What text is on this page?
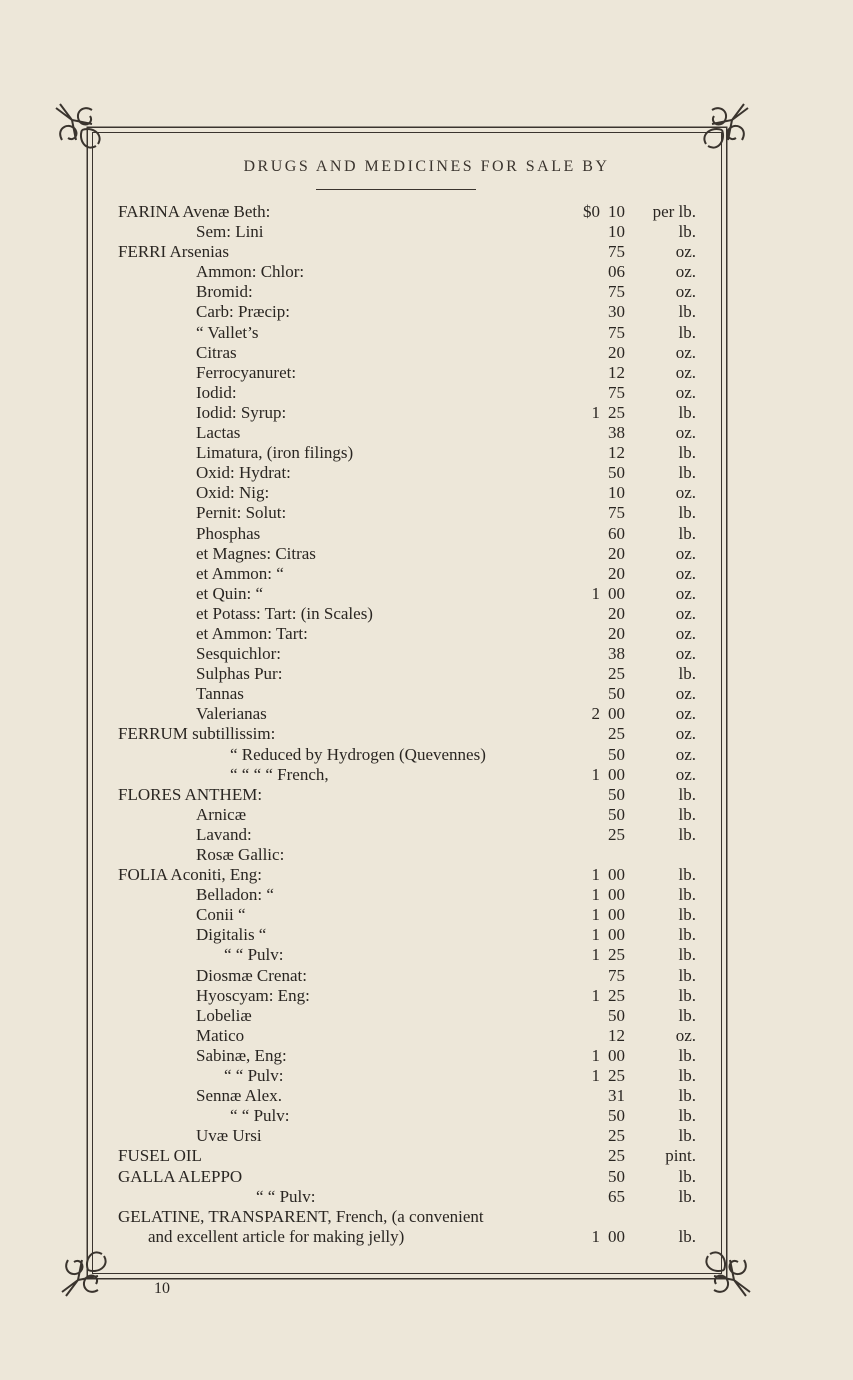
DRUGS AND MEDICINES FOR SALE BY
FARINA Avenæ Beth:	$0 10	per lb.
Sem: Lini	10	lb.
FERRI Arsenias	75	oz.
Ammon: Chlor:	06	oz.
Bromid:	75	oz.
Carb: Præcip:	30	lb.
“ Vallet’s	75	lb.
Citras	20	oz.
Ferrocyanuret:	12	oz.
Iodid:	75	oz.
Iodid: Syrup:	1 25	lb.
Lactas	38	oz.
Limatura, (iron filings)	12	lb.
Oxid: Hydrat:	50	lb.
Oxid: Nig:	10	oz.
Pernit: Solut:	75	lb.
Phosphas	60	lb.
et Magnes: Citras	20	oz.
et Ammon: “	20	oz.
et Quin: “	1 00	oz.
et Potass: Tart: (in Scales)	20	oz.
et Ammon: Tart:	20	oz.
Sesquichlor:	38	oz.
Sulphas Pur:	25	lb.
Tannas	50	oz.
Valerianas	2 00	oz.
FERRUM subtillissim:	25	oz.
“ Reduced by Hydrogen (Quevennes)	50	oz.
“ “ “ “ French,	1 00	oz.
FLORES ANTHEM:	50	lb.
Arnicæ	50	lb.
Lavand:	25	lb.
Rosæ Gallic:
FOLIA Aconiti, Eng:	1 00	lb.
Belladon: “	1 00	lb.
Conii “	1 00	lb.
Digitalis “	1 00	lb.
“ “ Pulv:	1 25	lb.
Diosmæ Crenat:	75	lb.
Hyoscyam: Eng:	1 25	lb.
Lobeliæ	50	lb.
Matico	12	oz.
Sabinæ, Eng:	1 00	lb.
“ “ Pulv:	1 25	lb.
Sennæ Alex.	31	lb.
“ “ Pulv:	50	lb.
Uvæ Ursi	25	lb.
FUSEL OIL	25	pint.
GALLA ALEPPO	50	lb.
“ “ Pulv:	65	lb.
GELATINE, TRANSPARENT, French, (a convenient
and excellent article for making jelly)	1 00	lb.
10
